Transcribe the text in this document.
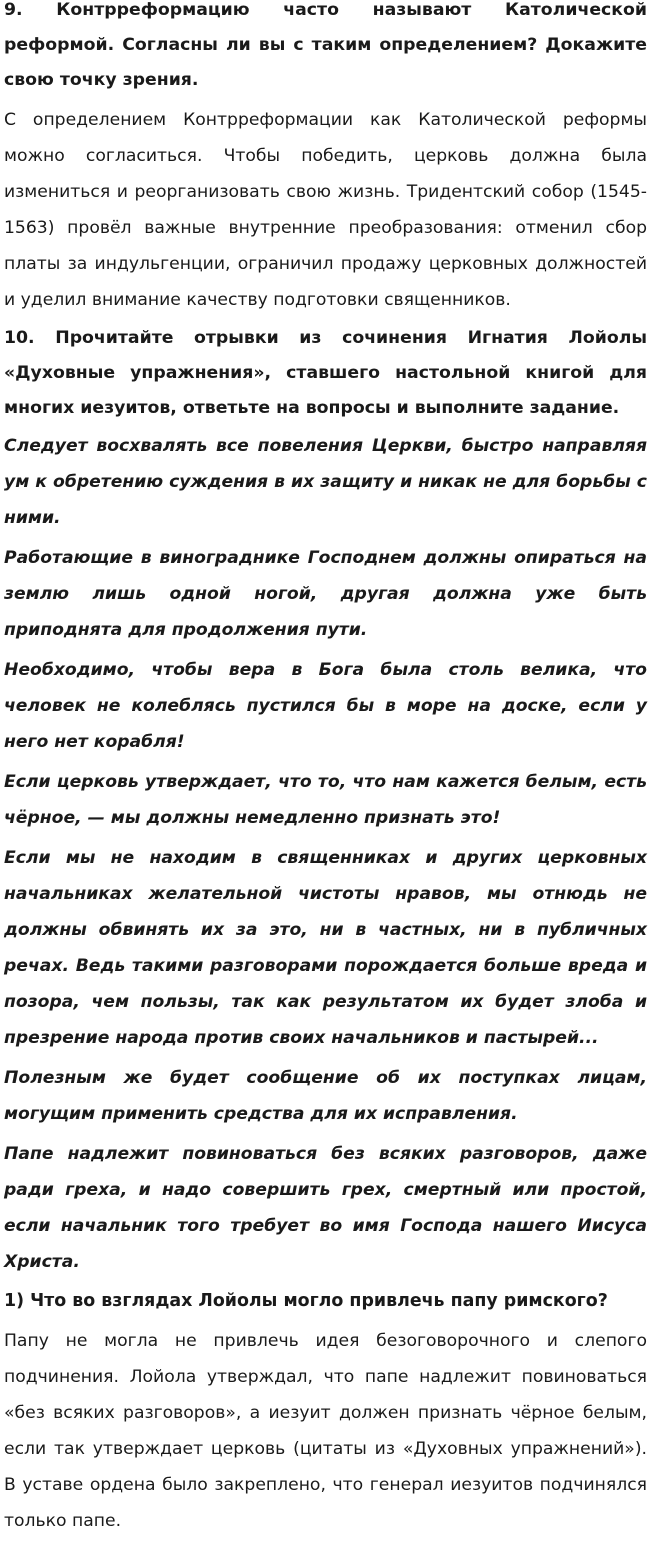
9. Контрреформацию часто называют Католической реформой. Согласны ли вы с таким определением? Докажите свою точку зрения.

С определением Контрреформации как Католической реформы можно согласиться. Чтобы победить, церковь должна была измениться и реорганизовать свою жизнь. Тридентский собор (1545-1563) провёл важные внутренние преобразования: отменил сбор платы за индульгенции, ограничил продажу церковных должностей и уделил внимание качеству подготовки священников.

10. Прочитайте отрывки из сочинения Игнатия Лойолы «Духовные упражнения», ставшего настольной книгой для многих иезуитов, ответьте на вопросы и выполните задание.

Следует восхвалять все повеления Церкви, быстро направляя ум к обретению суждения в их защиту и никак не для борьбы с ними.

Работающие в винограднике Господнем должны опираться на землю лишь одной ногой, другая должна уже быть приподнята для продолжения пути.

Необходимо, чтобы вера в Бога была столь велика, что человек не колеблясь пустился бы в море на доске, если у него нет корабля!

Если церковь утверждает, что то, что нам кажется белым, есть чёрное, — мы должны немедленно признать это!

Если мы не находим в священниках и других церковных начальниках желательной чистоты нравов, мы отнюдь не должны обвинять их за это, ни в частных, ни в публичных речах. Ведь такими разговорами порождается больше вреда и позора, чем пользы, так как результатом их будет злоба и презрение народа против своих начальников и пастырей...

Полезным же будет сообщение об их поступках лицам, могущим применить средства для их исправления.

Папе надлежит повиноваться без всяких разговоров, даже ради греха, и надо совершить грех, смертный или простой, если начальник того требует во имя Господа нашего Иисуса Христа.

1) Что во взглядах Лойолы могло привлечь папу римского?

Папу не могла не привлечь идея безоговорочного и слепого подчинения. Лойола утверждал, что папе надлежит повиноваться «без всяких разговоров», а иезуит должен признать чёрное белым, если так утверждает церковь (цитаты из «Духовных упражнений»). В уставе ордена было закреплено, что генерал иезуитов подчинялся только папе.
